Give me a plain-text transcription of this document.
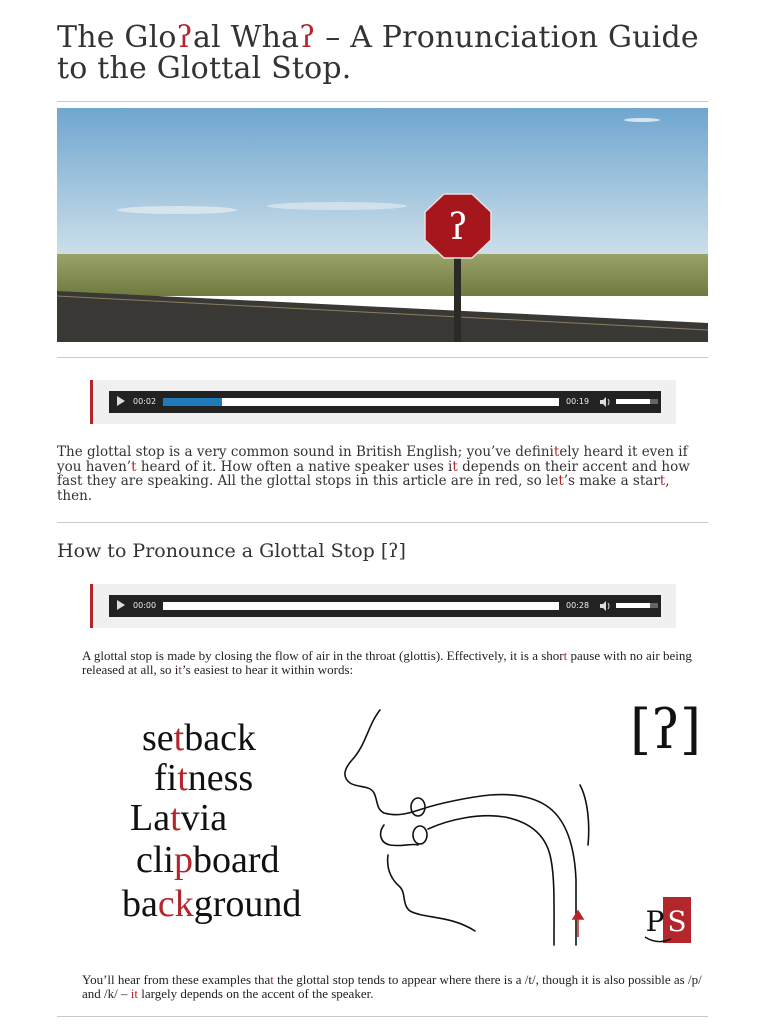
The Gloʔal Whaʔ – A Pronunciation Guide to the Glottal Stop.
ʔ
00:02	00:19

The glottal stop is a very common sound in British English; you’ve definitely heard it even if you haven’t heard of it. How often a native speaker uses it depends on their accent and how fast they are speaking. All the glottal stops in this article are in red, so let’s make a start, then.

How to Pronounce a Glottal Stop [ʔ]
00:00	00:28

A glottal stop is made by closing the flow of air in the throat (glottis). Effectively, it is a short pause with no air being released at all, so it’s easiest to hear it within words:

setback
fitness
Latvia
clipboard
background
[ʔ]
P S

You’ll hear from these examples that the glottal stop tends to appear where there is a /t/, though it is also possible as /p/ and /k/ – it largely depends on the accent of the speaker.
